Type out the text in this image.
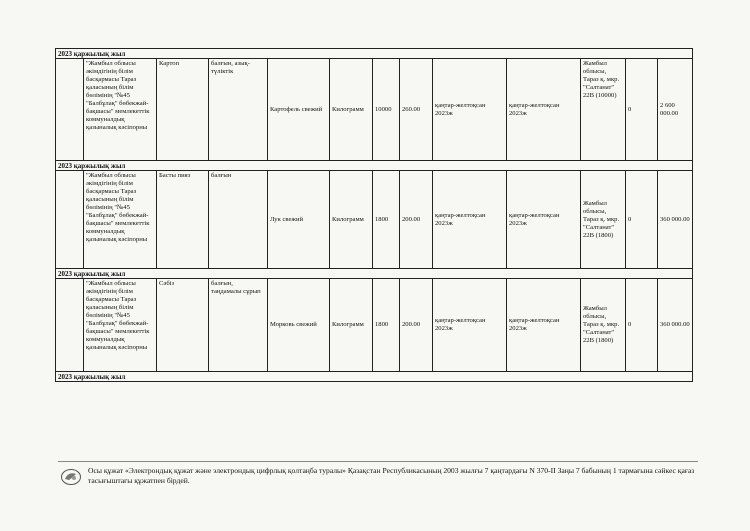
2023 қаржылық жыл												
	"Жамбыл облысы әкімдігінің білім басқармасы Тараз қаласының білім бөлімінің "№45 "Балбұлақ" бөбекжай-бақшасы" мемлекеттік коммуналдық қазыналық кәсіпорны	Картоп	балғын, азық-түліктік	Картофель свежий	Килограмм	10000	260.00	қаңтар-желтоқсан 2023ж	қаңтар-желтоқсан 2023ж	Жамбыл облысы, Тараз қ. мкр. "Салтанат" 22В (10000)	0	2 600 000.00
2023 қаржылық жыл												
	"Жамбыл облысы әкімдігінің білім басқармасы Тараз қаласының білім бөлімінің "№45 "Балбұлақ" бөбекжай-бақшасы" мемлекеттік коммуналдық қазыналық кәсіпорны	Басты пияз	балғын	Лук свежий	Килограмм	1800	200.00	қаңтар-желтоқсан 2023ж	қаңтар-желтоқсан 2023ж	Жамбыл облысы, Тараз қ. мкр. "Салтанат" 22В (1800)	0	360 000.00
2023 қаржылық жыл												
	"Жамбыл облысы әкімдігінің білім басқармасы Тараз қаласының білім бөлімінің "№45 "Балбұлақ" бөбекжай-бақшасы" мемлекеттік коммуналдық қазыналық кәсіпорны	Сәбіз	балғын, таңдамалы сұрып	Морковь свежий	Килограмм	1800	200.00	қаңтар-желтоқсан 2023ж	қаңтар-желтоқсан 2023ж	Жамбыл облысы, Тараз қ. мкр. "Салтанат" 22В (1800)	0	360 000.00
2023 қаржылық жыл												
Осы құжат «Электрондық құжат және электрондық цифрлық қолтаңба туралы» Қазақстан Республикасының 2003 жылғы 7 қаңтардағы N 370-II Заңы 7 бабының 1 тармағына сәйкес қағаз тасығыштағы құжатпен бірдей.
